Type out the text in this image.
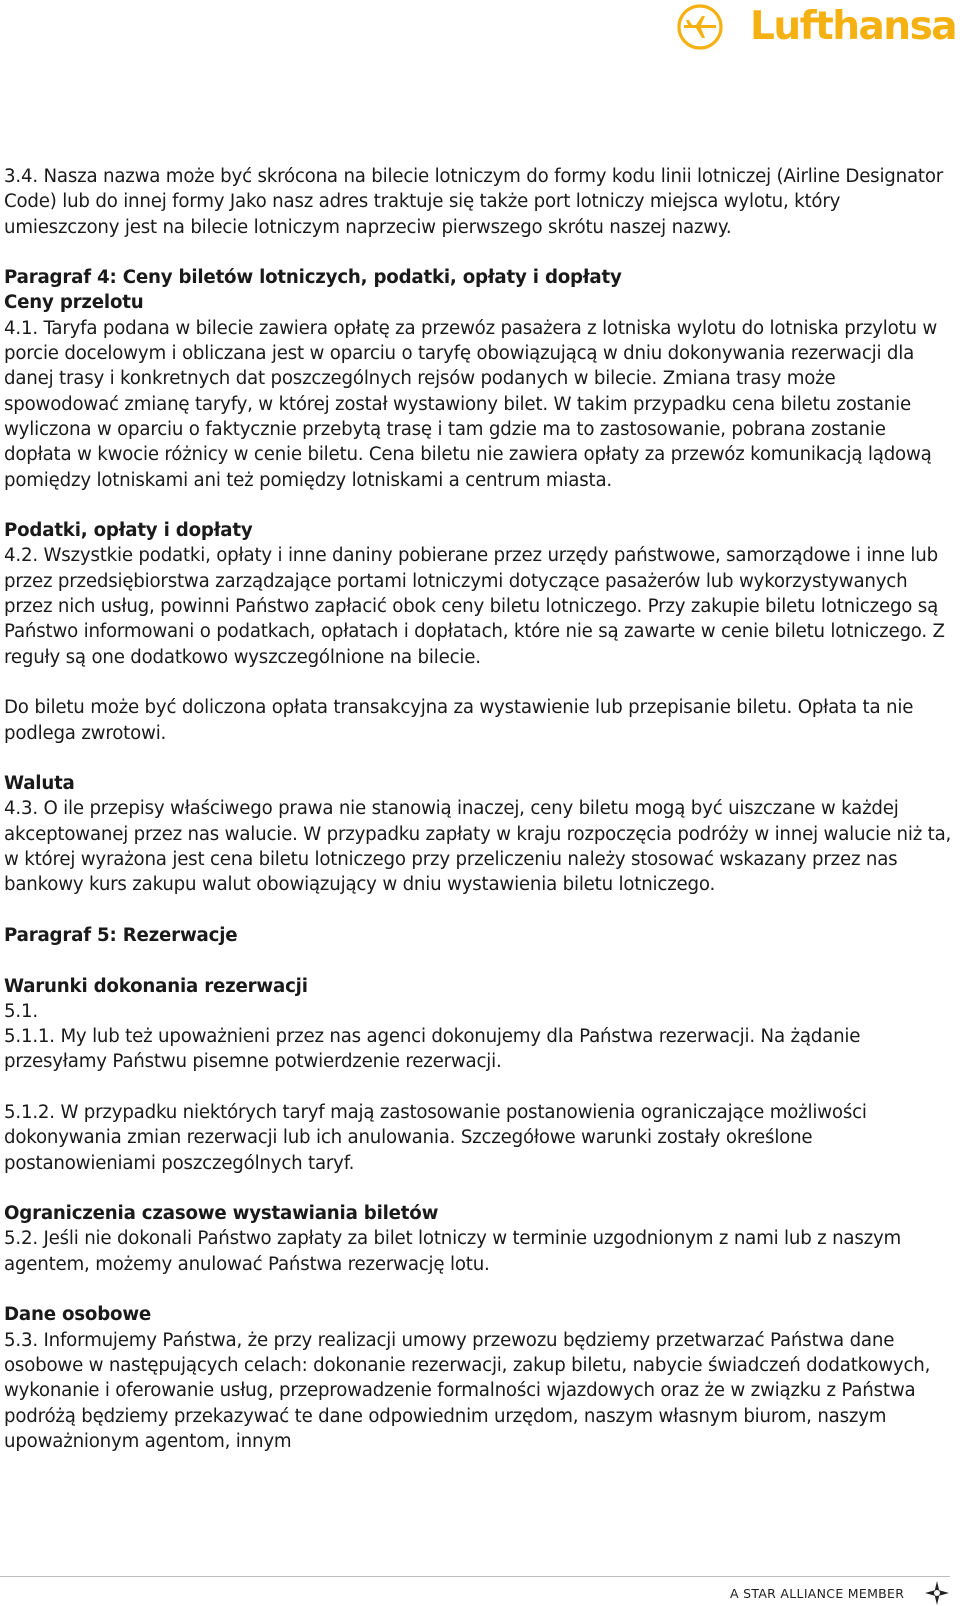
Lufthansa

3.4. Nasza nazwa może być skrócona na bilecie lotniczym do formy kodu linii lotniczej (Airline Designator Code) lub do innej formy Jako nasz adres traktuje się także port lotniczy miejsca wylotu, który umieszczony jest na bilecie lotniczym naprzeciw pierwszego skrótu naszej nazwy.

Paragraf 4: Ceny biletów lotniczych, podatki, opłaty i dopłaty

Ceny przelotu

4.1. Taryfa podana w bilecie zawiera opłatę za przewóz pasażera z lotniska wylotu do lotniska przylotu w porcie docelowym i obliczana jest w oparciu o taryfę obowiązującą w dniu dokonywania rezerwacji dla danej trasy i konkretnych dat poszczególnych rejsów podanych w bilecie. Zmiana trasy może spowodować zmianę taryfy, w której został wystawiony bilet. W takim przypadku cena biletu zostanie wyliczona w oparciu o faktycznie przebytą trasę i tam gdzie ma to zastosowanie, pobrana zostanie dopłata w kwocie różnicy w cenie biletu. Cena biletu nie zawiera opłaty za przewóz komunikacją lądową pomiędzy lotniskami ani też pomiędzy lotniskami a centrum miasta.

Podatki, opłaty i dopłaty

4.2. Wszystkie podatki, opłaty i inne daniny pobierane przez urzędy państwowe, samorządowe i inne lub przez przedsiębiorstwa zarządzające portami lotniczymi dotyczące pasażerów lub wykorzystywanych przez nich usług, powinni Państwo zapłacić obok ceny biletu lotniczego. Przy zakupie biletu lotniczego są Państwo informowani o podatkach, opłatach i dopłatach, które nie są zawarte w cenie biletu lotniczego. Z reguły są one dodatkowo wyszczególnione na bilecie.

Do biletu może być doliczona opłata transakcyjna za wystawienie lub przepisanie biletu. Opłata ta nie podlega zwrotowi.

Waluta

4.3. O ile przepisy właściwego prawa nie stanowią inaczej, ceny biletu mogą być uiszczane w każdej akceptowanej przez nas walucie. W przypadku zapłaty w kraju rozpoczęcia podróży w innej walucie niż ta, w której wyrażona jest cena biletu lotniczego przy przeliczeniu należy stosować wskazany przez nas bankowy kurs zakupu walut obowiązujący w dniu wystawienia biletu lotniczego.

Paragraf 5: Rezerwacje

Warunki dokonania rezerwacji

5.1.

5.1.1. My lub też upoważnieni przez nas agenci dokonujemy dla Państwa rezerwacji. Na żądanie przesyłamy Państwu pisemne potwierdzenie rezerwacji.

5.1.2. W przypadku niektórych taryf mają zastosowanie postanowienia ograniczające możliwości dokonywania zmian rezerwacji lub ich anulowania. Szczegółowe warunki zostały określone postanowieniami poszczególnych taryf.

Ograniczenia czasowe wystawiania biletów

5.2. Jeśli nie dokonali Państwo zapłaty za bilet lotniczy w terminie uzgodnionym z nami lub z naszym agentem, możemy anulować Państwa rezerwację lotu.

Dane osobowe

5.3. Informujemy Państwa, że przy realizacji umowy przewozu będziemy przetwarzać Państwa dane osobowe w następujących celach: dokonanie rezerwacji, zakup biletu, nabycie świadczeń dodatkowych, wykonanie i oferowanie usług, przeprowadzenie formalności wjazdowych oraz że w związku z Państwa podróżą będziemy przekazywać te dane odpowiednim urzędom, naszym własnym biurom, naszym upoważnionym agentom, innym

A STAR ALLIANCE MEMBER
